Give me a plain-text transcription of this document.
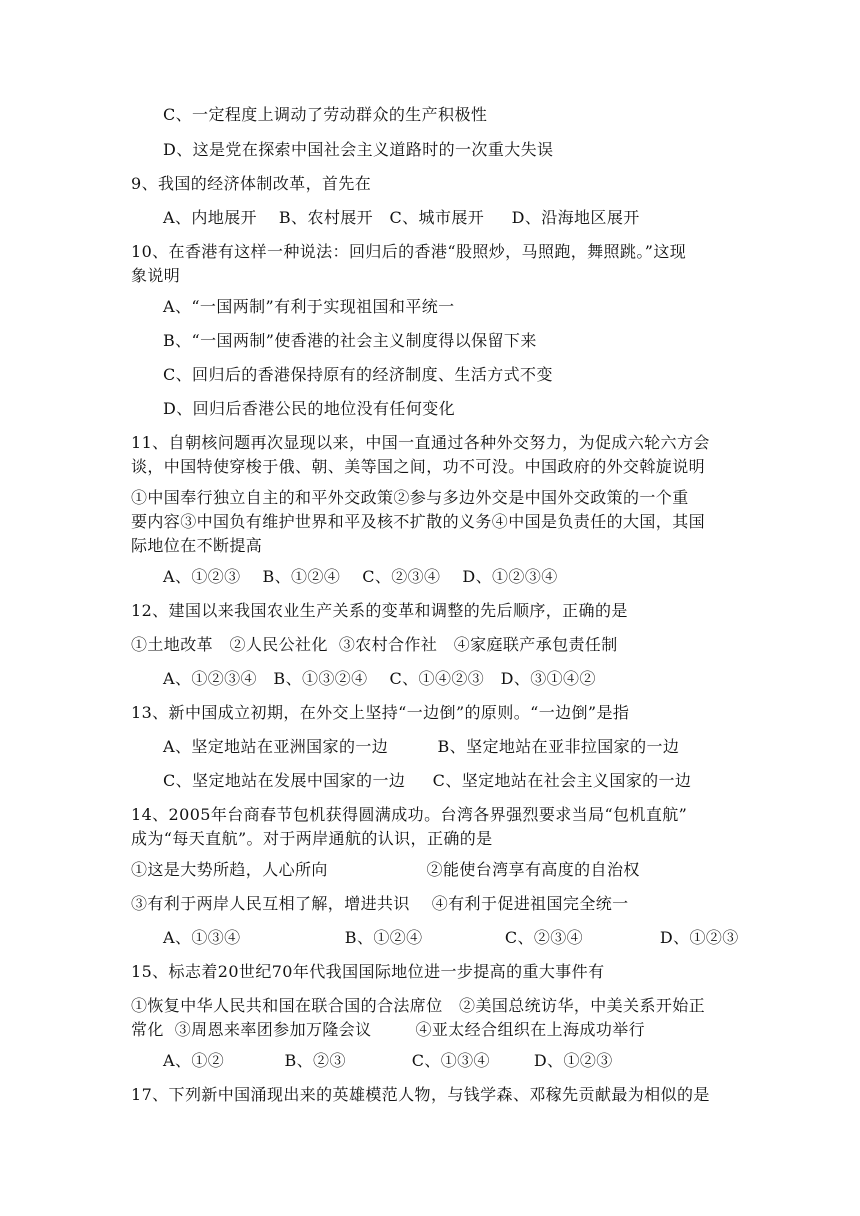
C、一定程度上调动了劳动群众的生产积极性
D、这是党在探索中国社会主义道路时的一次重大失误
9、我国的经济体制改革，首先在
A、内地展开    B、农村展开   C、城市展开     D、沿海地区展开
10、在香港有这样一种说法：回归后的香港“股照炒，马照跑，舞照跳。”这现
象说明
A、“一国两制”有利于实现祖国和平统一
B、“一国两制”使香港的社会主义制度得以保留下来
C、回归后的香港保持原有的经济制度、生活方式不变
D、回归后香港公民的地位没有任何变化
11、自朝核问题再次显现以来，中国一直通过各种外交努力，为促成六轮六方会
谈，中国特使穿梭于俄、朝、美等国之间，功不可没。中国政府的外交斡旋说明
①中国奉行独立自主的和平外交政策②参与多边外交是中国外交政策的一个重
要内容③中国负有维护世界和平及核不扩散的义务④中国是负责任的大国，其国
际地位在不断提高
A、①②③    B、①②④    C、②③④    D、①②③④
12、建国以来我国农业生产关系的变革和调整的先后顺序，正确的是
①土地改革   ②人民公社化  ③农村合作社   ④家庭联产承包责任制
A、①②③④   B、①③②④    C、①④②③   D、③①④②
13、新中国成立初期，在外交上坚持“一边倒”的原则。“一边倒”是指
A、坚定地站在亚洲国家的一边         B、坚定地站在亚非拉国家的一边
C、坚定地站在发展中国家的一边     C、坚定地站在社会主义国家的一边
14、2005年台商春节包机获得圆满成功。台湾各界强烈要求当局“包机直航”
成为“每天直航”。对于两岸通航的认识，正确的是
①这是大势所趋，人心所向                  ②能使台湾享有高度的自治权
③有利于两岸人民互相了解，增进共识    ④有利于促进祖国完全统一
A、①③④                   B、①②④               C、②③④              D、①②③
15、标志着20世纪70年代我国国际地位进一步提高的重大事件有
①恢复中华人民共和国在联合国的合法席位   ②美国总统访华，中美关系开始正
常化  ③周恩来率团参加万隆会议        ④亚太经合组织在上海成功举行
A、①②           B、②③            C、①③④        D、①②③
17、下列新中国涌现出来的英雄模范人物，与钱学森、邓稼先贡献最为相似的是
